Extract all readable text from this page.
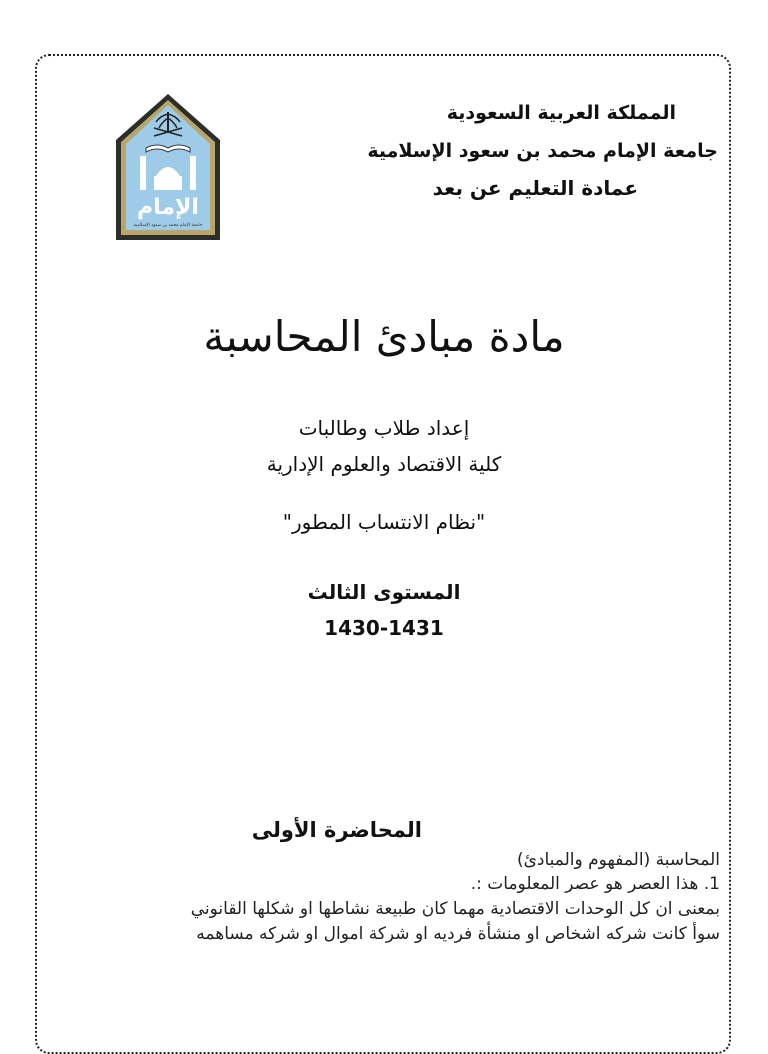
الإمام
جامعة الإمام محمد بن سعود الإسلامية
المملكة العربية السعودية
جامعة الإمام محمد بن سعود الإسلامية
عمادة التعليم عن بعد
مادة مبادئ المحاسبة
إعداد طلاب وطالبات
كلية الاقتصاد والعلوم الإدارية
"نظام الانتساب المطور"
المستوى الثالث
1430-1431
المحاضرة الأولى
المحاسبة (المفهوم والمبادئ)
1. هذا العصر هو عصر المعلومات :.
بمعنى ان كل الوحدات الاقتصادية مهما كان طبيعة نشاطها او شكلها القانوني
سوأ كانت شركه اشخاص او منشأة فرديه او شركة اموال او شركه مساهمه
